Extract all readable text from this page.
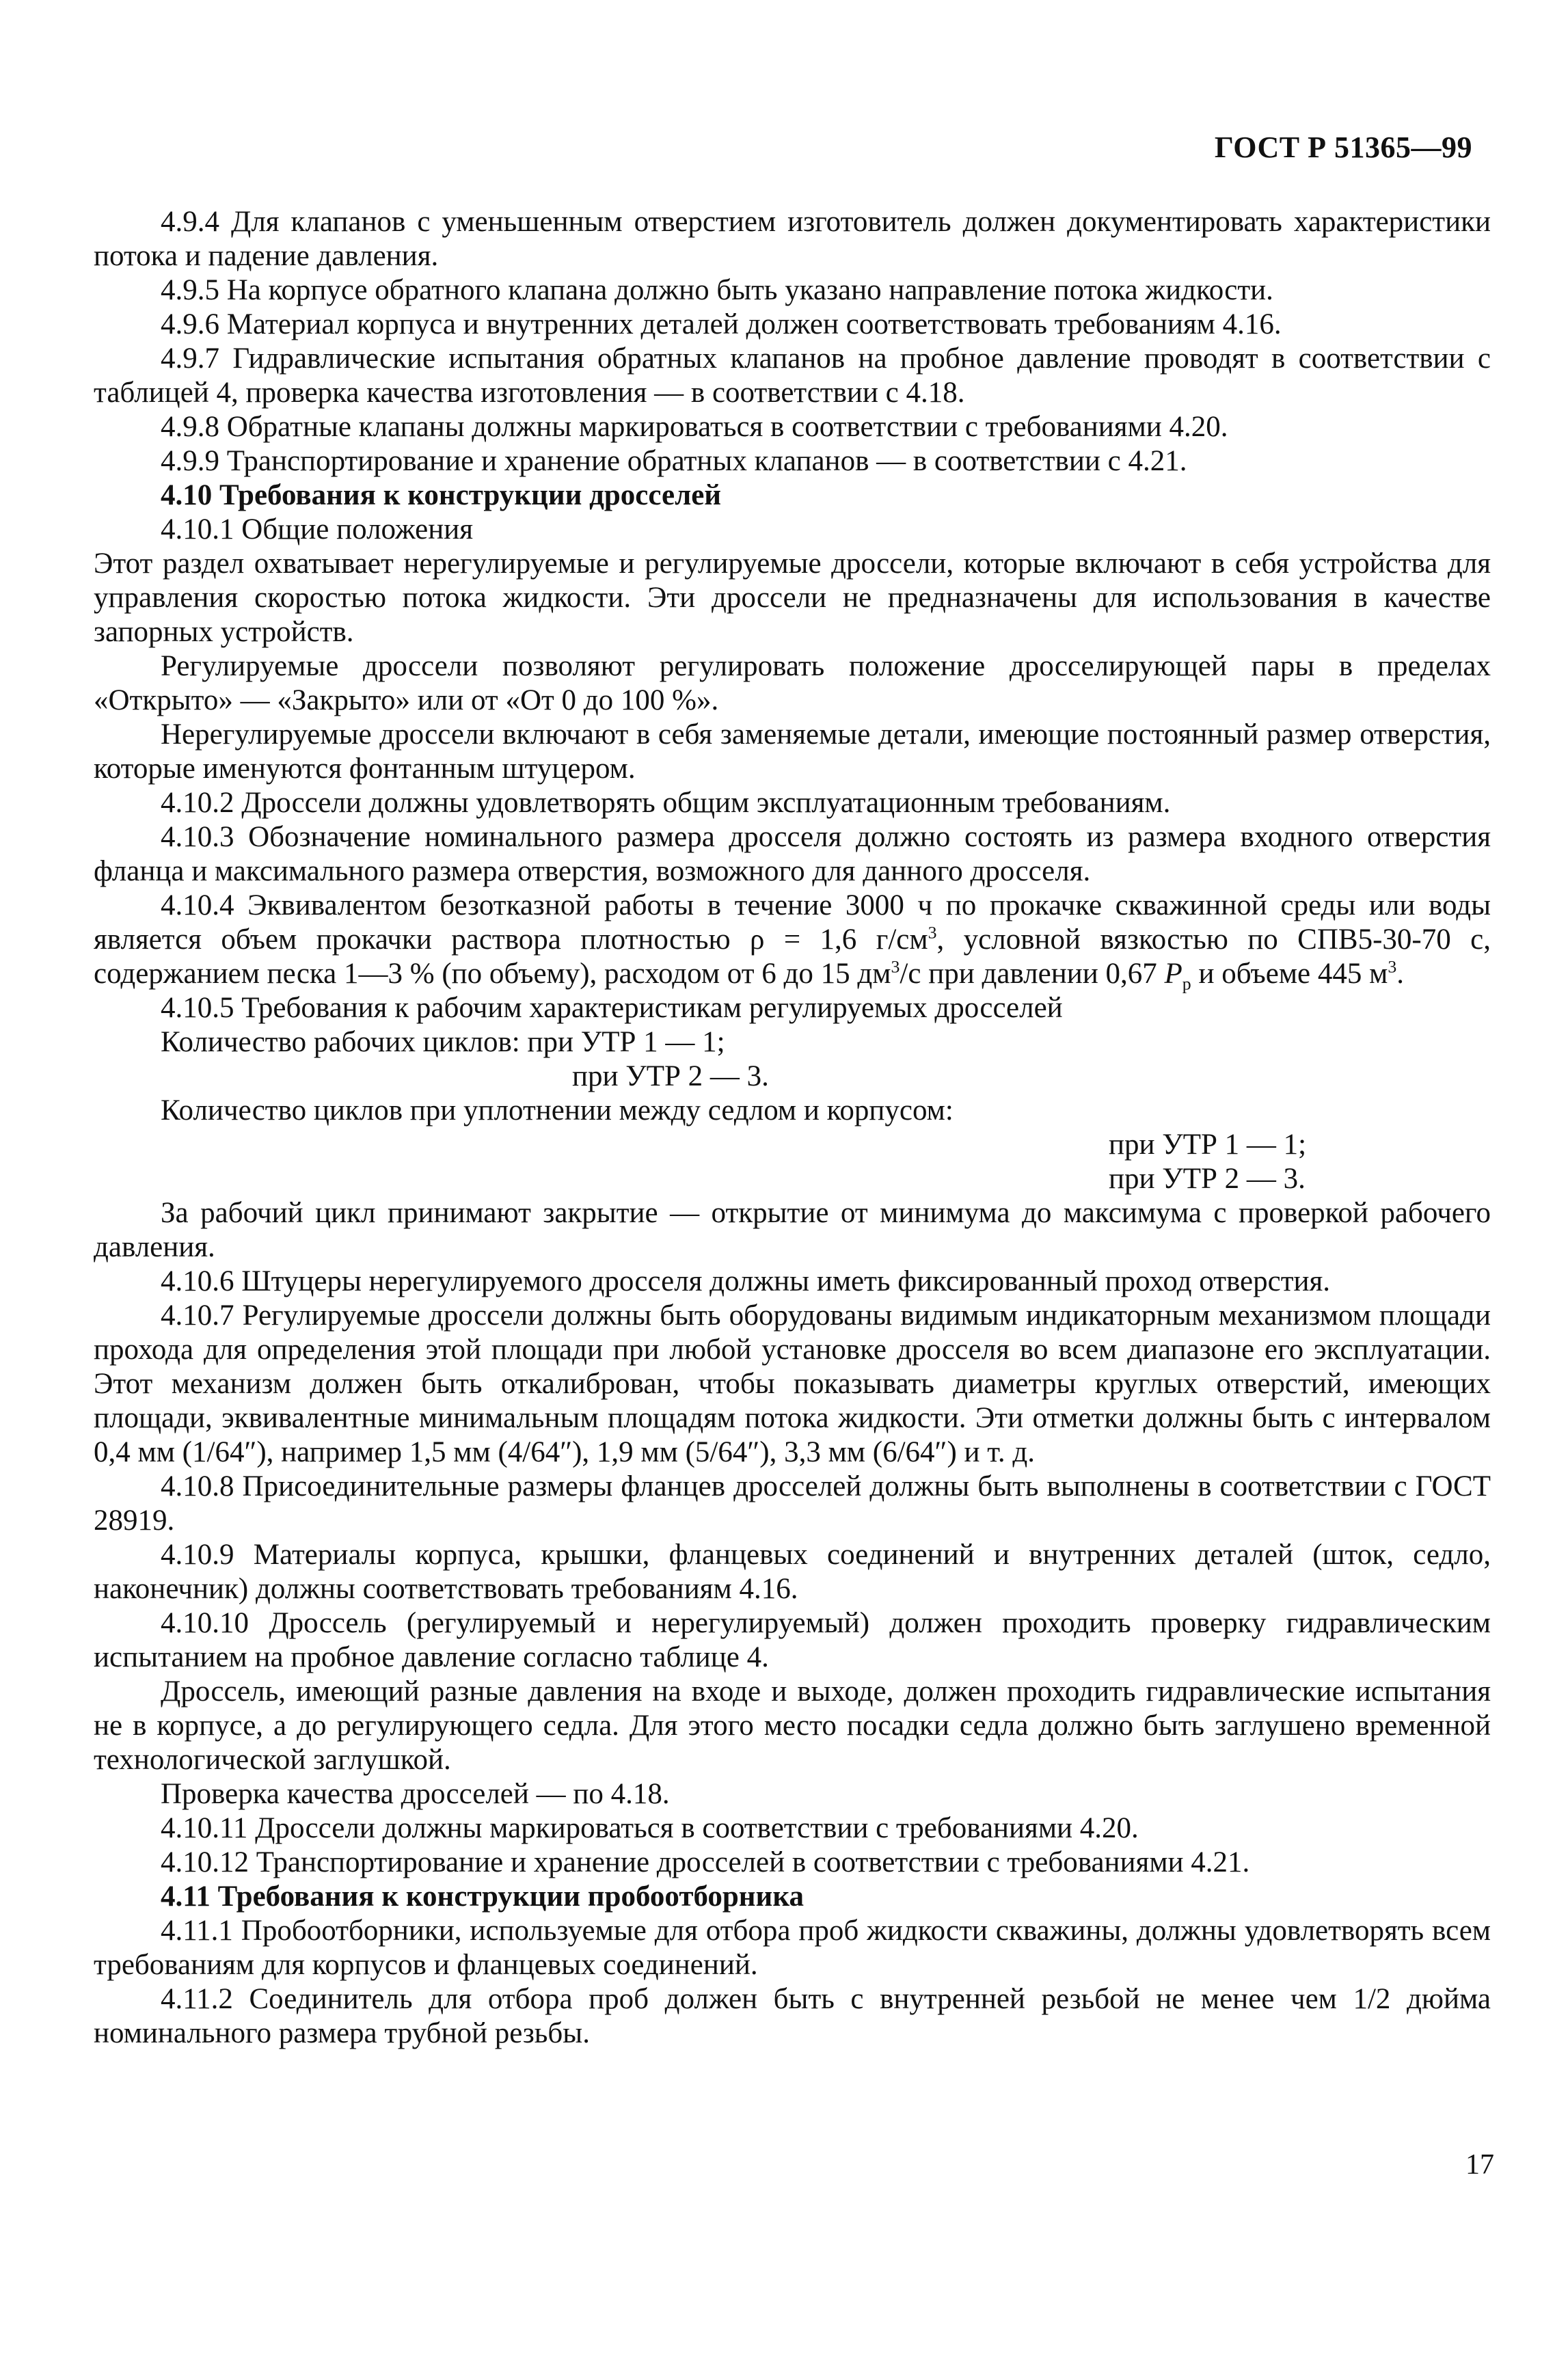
ГОСТ Р 51365—99

4.9.4 Для клапанов с уменьшенным отверстием изготовитель должен документировать характеристики потока и падение давления.

4.9.5 На корпусе обратного клапана должно быть указано направление потока жидкости.

4.9.6 Материал корпуса и внутренних деталей должен соответствовать требованиям 4.16.

4.9.7 Гидравлические испытания обратных клапанов на пробное давление проводят в соответствии с таблицей 4, проверка качества изготовления — в соответствии с 4.18.

4.9.8 Обратные клапаны должны маркироваться в соответствии с требованиями 4.20.

4.9.9 Транспортирование и хранение обратных клапанов — в соответствии с 4.21.

4.10 Требования к конструкции дросселей

4.10.1 Общие положения

Этот раздел охватывает нерегулируемые и регулируемые дроссели, которые включают в себя устройства для управления скоростью потока жидкости. Эти дроссели не предназначены для использования в качестве запорных устройств.

Регулируемые дроссели позволяют регулировать положение дросселирующей пары в пределах «Открыто» — «Закрыто» или от «От 0 до 100 %».

Нерегулируемые дроссели включают в себя заменяемые детали, имеющие постоянный размер отверстия, которые именуются фонтанным штуцером.

4.10.2 Дроссели должны удовлетворять общим эксплуатационным требованиям.

4.10.3 Обозначение номинального размера дросселя должно состоять из размера входного отверстия фланца и максимального размера отверстия, возможного для данного дросселя.

4.10.4 Эквивалентом безотказной работы в течение 3000 ч по прокачке скважинной среды или воды является объем прокачки раствора плотностью ρ = 1,6 $г/см^3$, условной вязкостью по СПВ5-30-70 с, содержанием песка 1—3 % (по объему), расходом от 6 до 15 $дм^3/с$ при давлении 0,67 $P_р$ и объеме 445 $м^3$.

4.10.5 Требования к рабочим характеристикам регулируемых дросселей

Количество рабочих циклов: при УТР 1 — 1;

при УТР 2 — 3.

Количество циклов при уплотнении между седлом и корпусом:

при УТР 1 — 1;

при УТР 2 — 3.

За рабочий цикл принимают закрытие — открытие от минимума до максимума с проверкой рабочего давления.

4.10.6 Штуцеры нерегулируемого дросселя должны иметь фиксированный проход отверстия.

4.10.7 Регулируемые дроссели должны быть оборудованы видимым индикаторным механизмом площади прохода для определения этой площади при любой установке дросселя во всем диапазоне его эксплуатации. Этот механизм должен быть откалиброван, чтобы показывать диаметры круглых отверстий, имеющих площади, эквивалентные минимальным площадям потока жидкости. Эти отметки должны быть с интервалом 0,4 мм (1/64″), например 1,5 мм (4/64″), 1,9 мм (5/64″), 3,3 мм (6/64″) и т. д.

4.10.8 Присоединительные размеры фланцев дросселей должны быть выполнены в соответствии с ГОСТ 28919.

4.10.9 Материалы корпуса, крышки, фланцевых соединений и внутренних деталей (шток, седло, наконечник) должны соответствовать требованиям 4.16.

4.10.10 Дроссель (регулируемый и нерегулируемый) должен проходить проверку гидравлическим испытанием на пробное давление согласно таблице 4.

Дроссель, имеющий разные давления на входе и выходе, должен проходить гидравлические испытания не в корпусе, а до регулирующего седла. Для этого место посадки седла должно быть заглушено временной технологической заглушкой.

Проверка качества дросселей — по 4.18.

4.10.11 Дроссели должны маркироваться в соответствии с требованиями 4.20.

4.10.12 Транспортирование и хранение дросселей в соответствии с требованиями 4.21.

4.11 Требования к конструкции пробоотборника

4.11.1 Пробоотборники, используемые для отбора проб жидкости скважины, должны удовлетворять всем требованиям для корпусов и фланцевых соединений.

4.11.2 Соединитель для отбора проб должен быть с внутренней резьбой не менее чем 1/2 дюйма номинального размера трубной резьбы.

17
